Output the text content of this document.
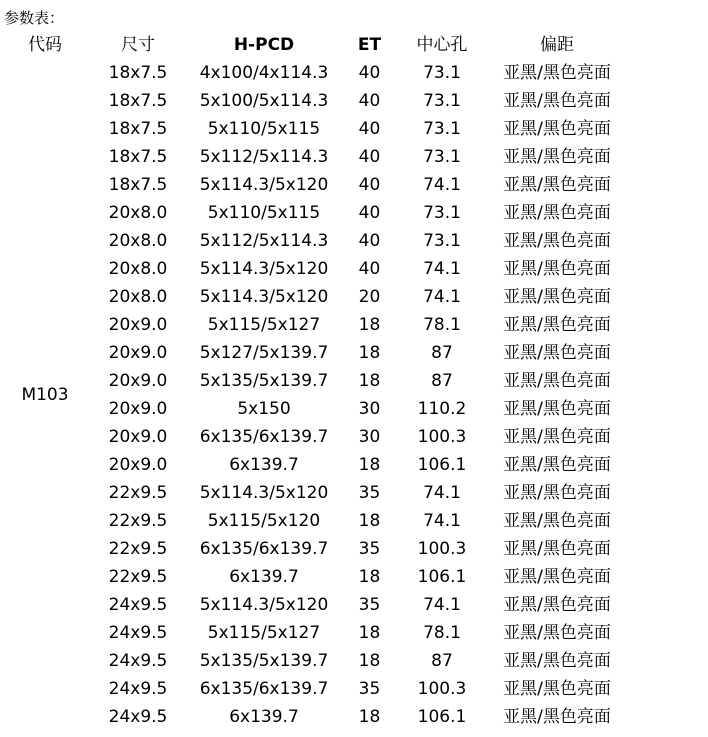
参数表：
代码	尺寸	H-PCD	ET	中心孔	偏距
M103	18x7.5	4x100/4x114.3	40	73.1	亚黑/黑色亮面
	18x7.5	5x100/5x114.3	40	73.1	亚黑/黑色亮面
	18x7.5	5x110/5x115	40	73.1	亚黑/黑色亮面
	18x7.5	5x112/5x114.3	40	73.1	亚黑/黑色亮面
	18x7.5	5x114.3/5x120	40	74.1	亚黑/黑色亮面
	20x8.0	5x110/5x115	40	73.1	亚黑/黑色亮面
	20x8.0	5x112/5x114.3	40	73.1	亚黑/黑色亮面
	20x8.0	5x114.3/5x120	40	74.1	亚黑/黑色亮面
	20x8.0	5x114.3/5x120	20	74.1	亚黑/黑色亮面
	20x9.0	5x115/5x127	18	78.1	亚黑/黑色亮面
	20x9.0	5x127/5x139.7	18	87	亚黑/黑色亮面
	20x9.0	5x135/5x139.7	18	87	亚黑/黑色亮面
	20x9.0	5x150	30	110.2	亚黑/黑色亮面
	20x9.0	6x135/6x139.7	30	100.3	亚黑/黑色亮面
	20x9.0	6x139.7	18	106.1	亚黑/黑色亮面
	22x9.5	5x114.3/5x120	35	74.1	亚黑/黑色亮面
	22x9.5	5x115/5x120	18	74.1	亚黑/黑色亮面
	22x9.5	6x135/6x139.7	35	100.3	亚黑/黑色亮面
	22x9.5	6x139.7	18	106.1	亚黑/黑色亮面
	24x9.5	5x114.3/5x120	35	74.1	亚黑/黑色亮面
	24x9.5	5x115/5x127	18	78.1	亚黑/黑色亮面
	24x9.5	5x135/5x139.7	18	87	亚黑/黑色亮面
	24x9.5	6x135/6x139.7	35	100.3	亚黑/黑色亮面
	24x9.5	6x139.7	18	106.1	亚黑/黑色亮面
